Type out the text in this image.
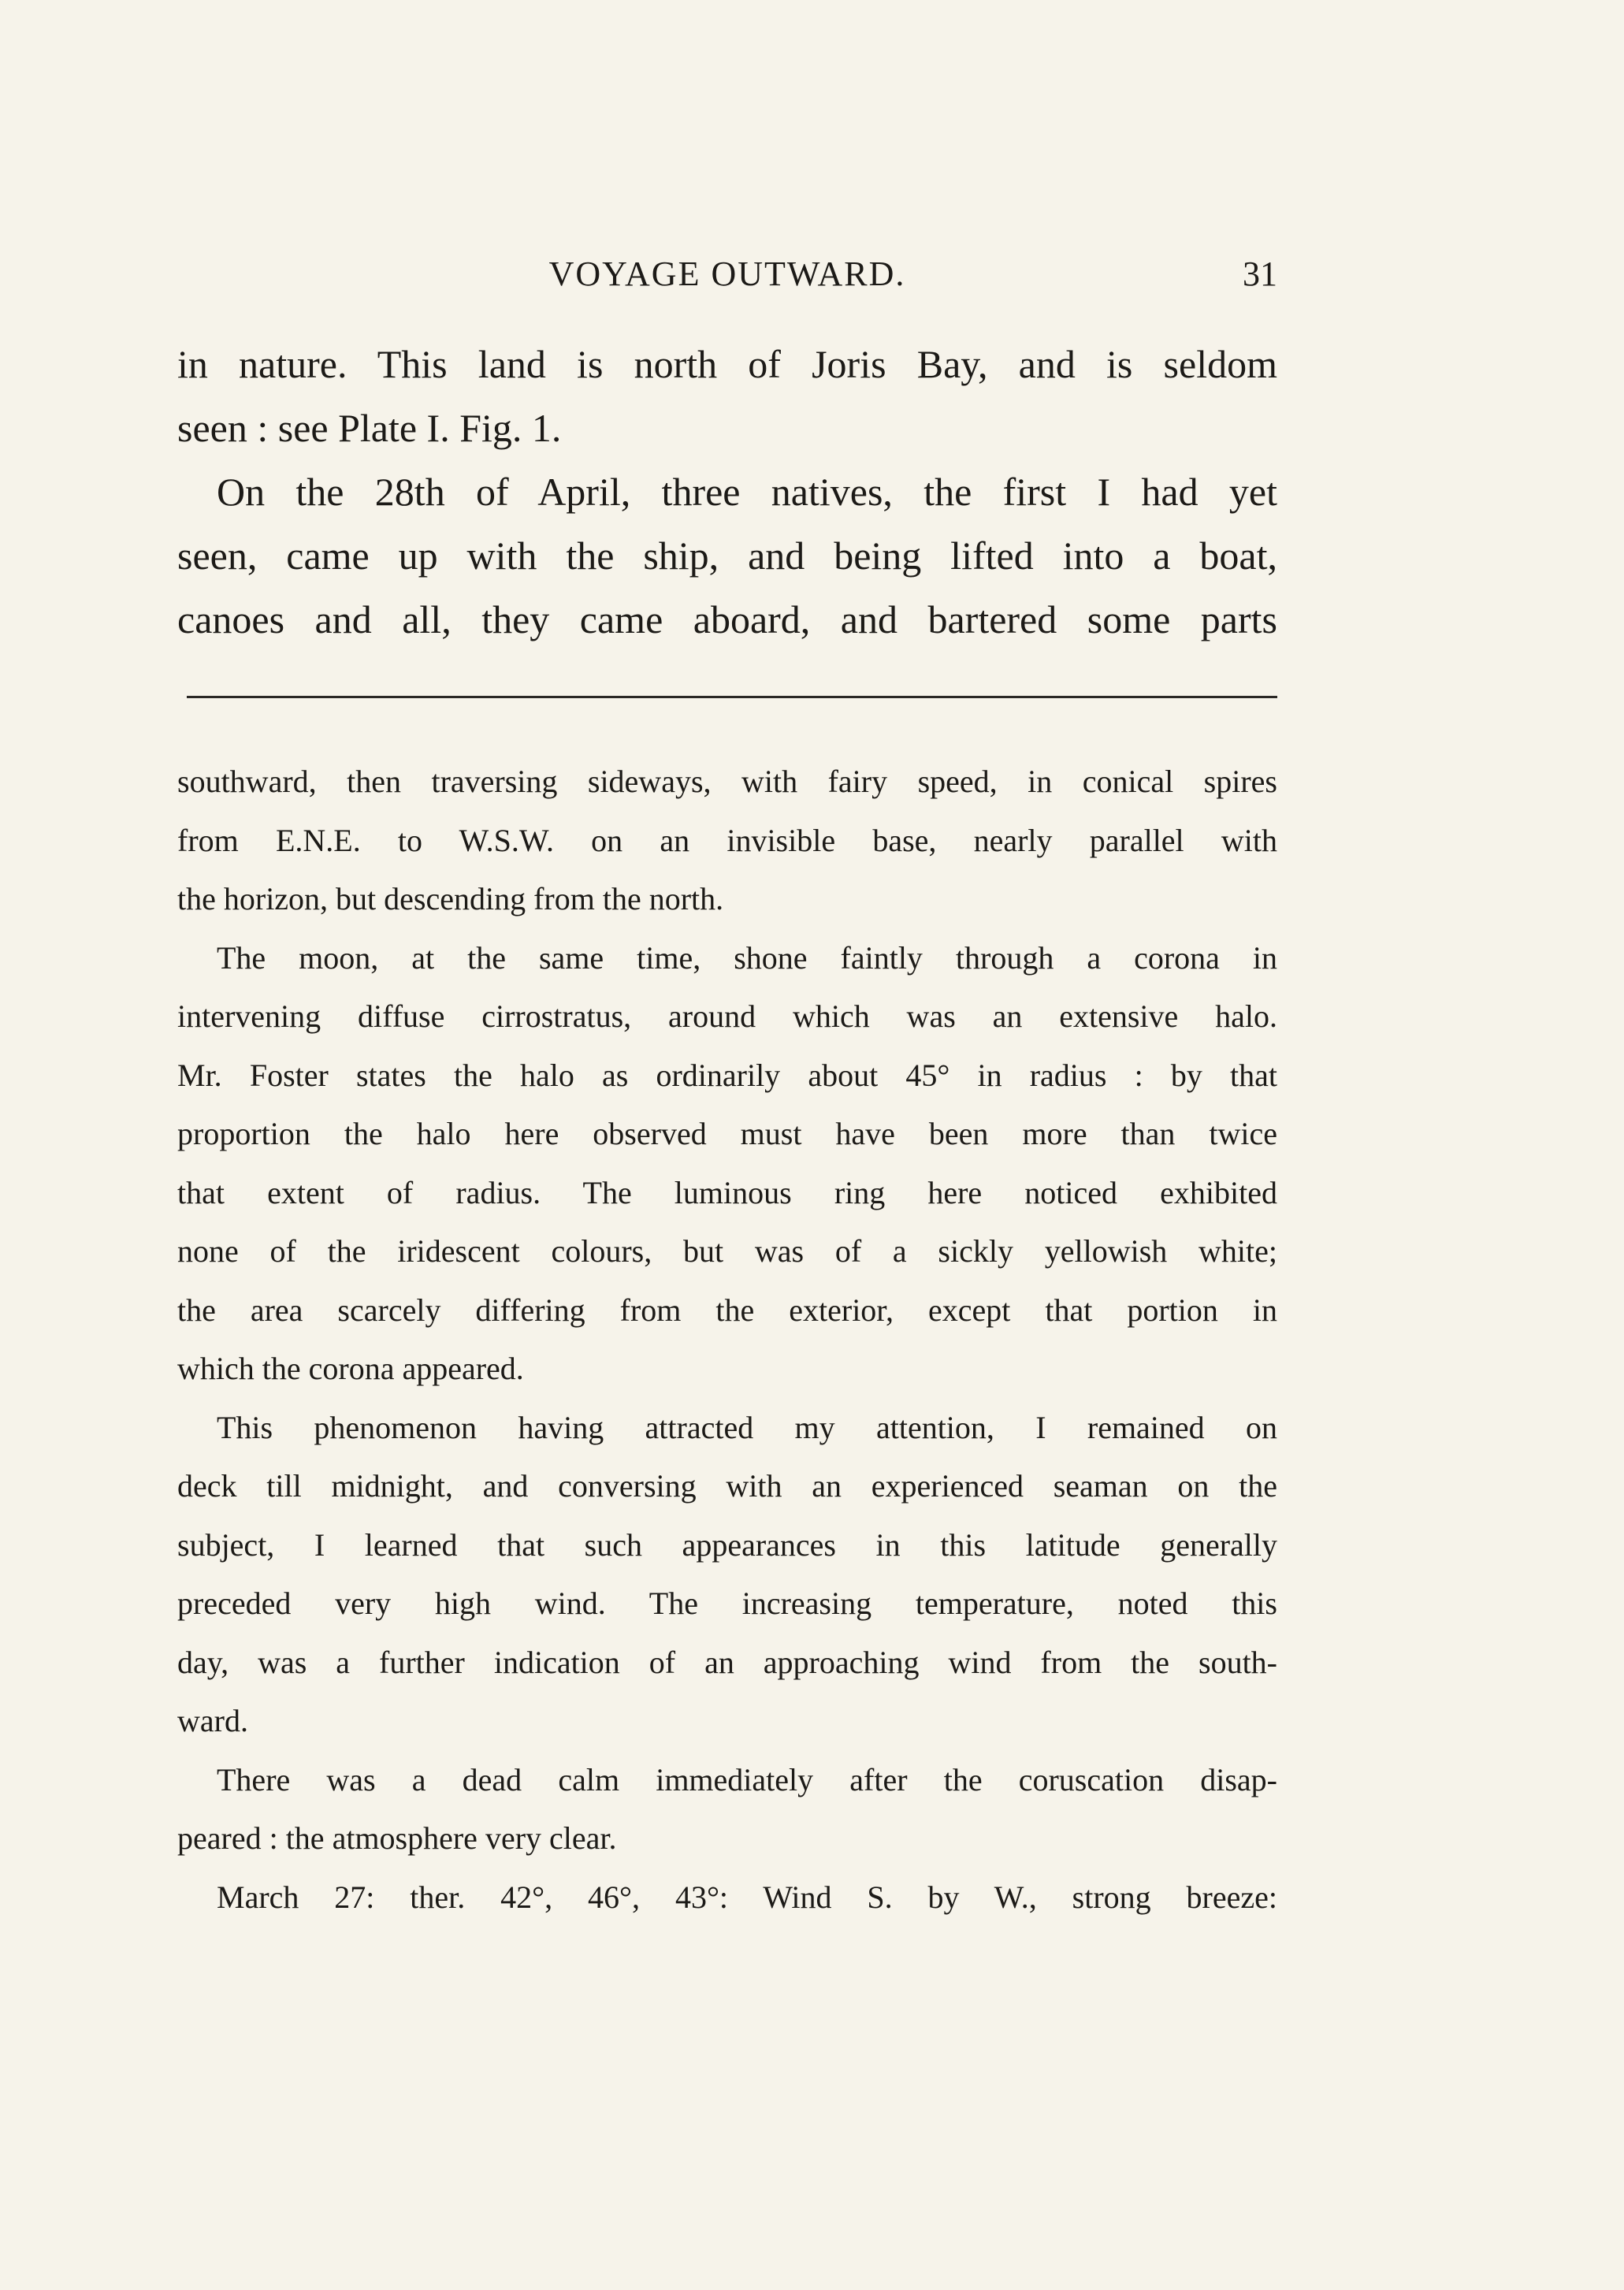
VOYAGE OUTWARD.	31
in nature. This land is north of Joris Bay, and is seldom
seen : see Plate I. Fig. 1.
On the 28th of April, three natives, the first I had yet
seen, came up with the ship, and being lifted into a boat,
canoes and all, they came aboard, and bartered some parts
southward, then traversing sideways, with fairy speed, in conical spires
from E.N.E. to W.S.W. on an invisible base, nearly parallel with
the horizon, but descending from the north.
The moon, at the same time, shone faintly through a corona in
intervening diffuse cirrostratus, around which was an extensive halo.
Mr. Foster states the halo as ordinarily about 45° in radius : by that
proportion the halo here observed must have been more than twice
that extent of radius. The luminous ring here noticed exhibited
none of the iridescent colours, but was of a sickly yellowish white;
the area scarcely differing from the exterior, except that portion in
which the corona appeared.
This phenomenon having attracted my attention, I remained on
deck till midnight, and conversing with an experienced seaman on the
subject, I learned that such appearances in this latitude generally
preceded very high wind. The increasing temperature, noted this
day, was a further indication of an approaching wind from the south-
ward.
There was a dead calm immediately after the coruscation disap-
peared : the atmosphere very clear.
March 27: ther. 42°, 46°, 43°: Wind S. by W., strong breeze:
